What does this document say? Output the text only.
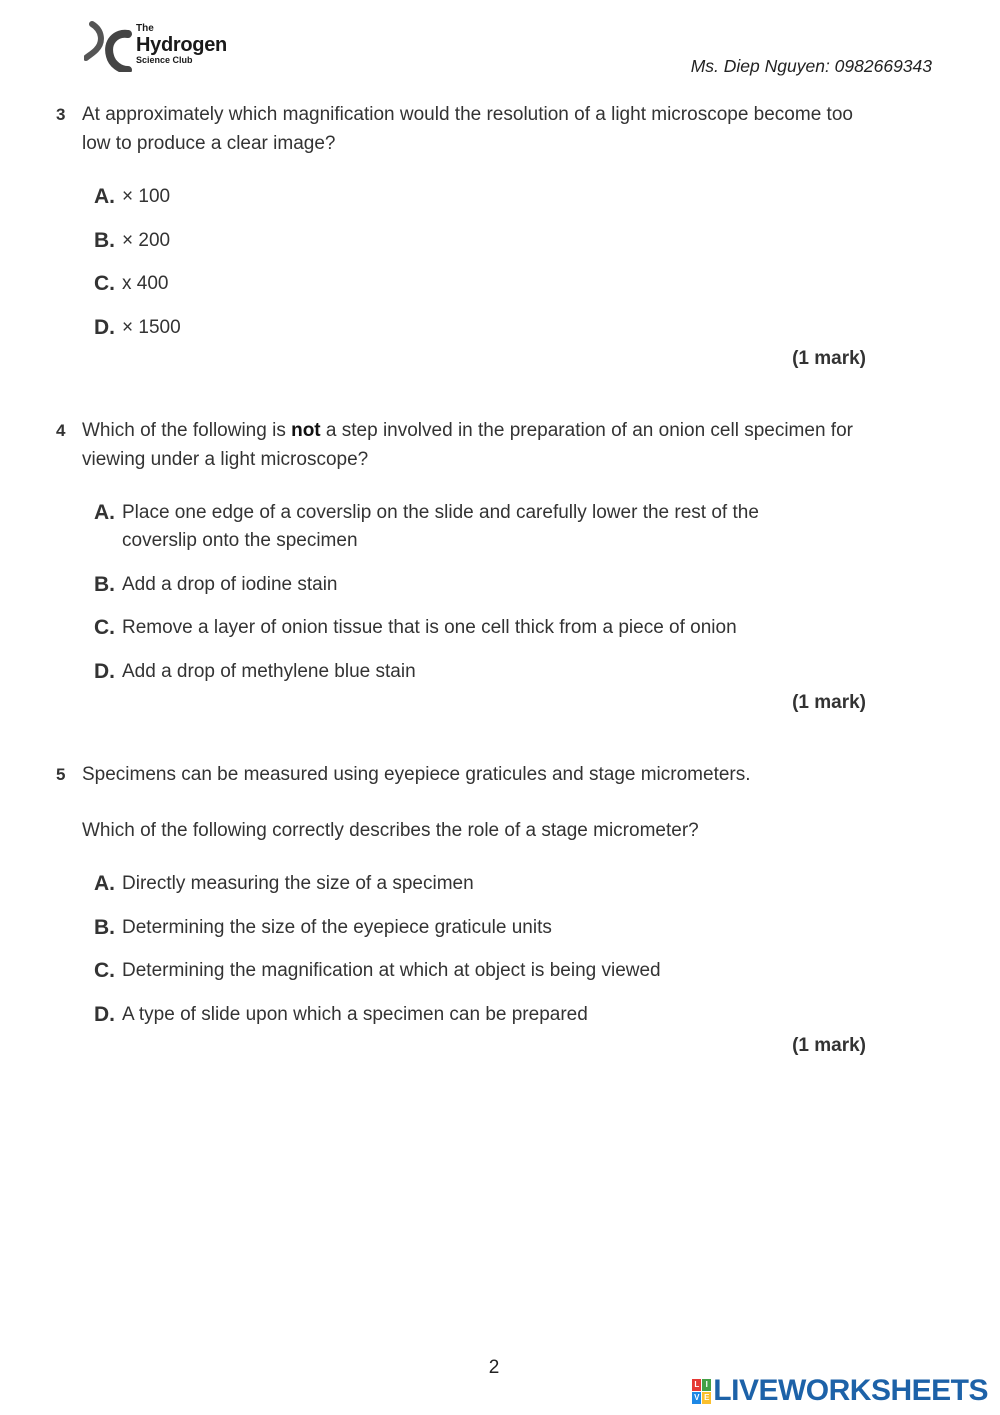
The
Hydrogen
Science Club	Ms. Diep Nguyen: 0982669343
3 At approximately which magnification would the resolution of a light microscope become too low to produce a clear image?
A. × 100
B. × 200
C. x 400
D. × 1500
(1 mark)
4 Which of the following is not a step involved in the preparation of an onion cell specimen for viewing under a light microscope?
A. Place one edge of a coverslip on the slide and carefully lower the rest of the coverslip onto the specimen
B. Add a drop of iodine stain
C. Remove a layer of onion tissue that is one cell thick from a piece of onion
D. Add a drop of methylene blue stain
(1 mark)
5 Specimens can be measured using eyepiece graticules and stage micrometers.
Which of the following correctly describes the role of a stage micrometer?
A. Directly measuring the size of a specimen
B. Determining the size of the eyepiece graticule units
C. Determining the magnification at which at object is being viewed
D. A type of slide upon which a specimen can be prepared
(1 mark)
2
L I
V E LIVEWORKSHEETS
